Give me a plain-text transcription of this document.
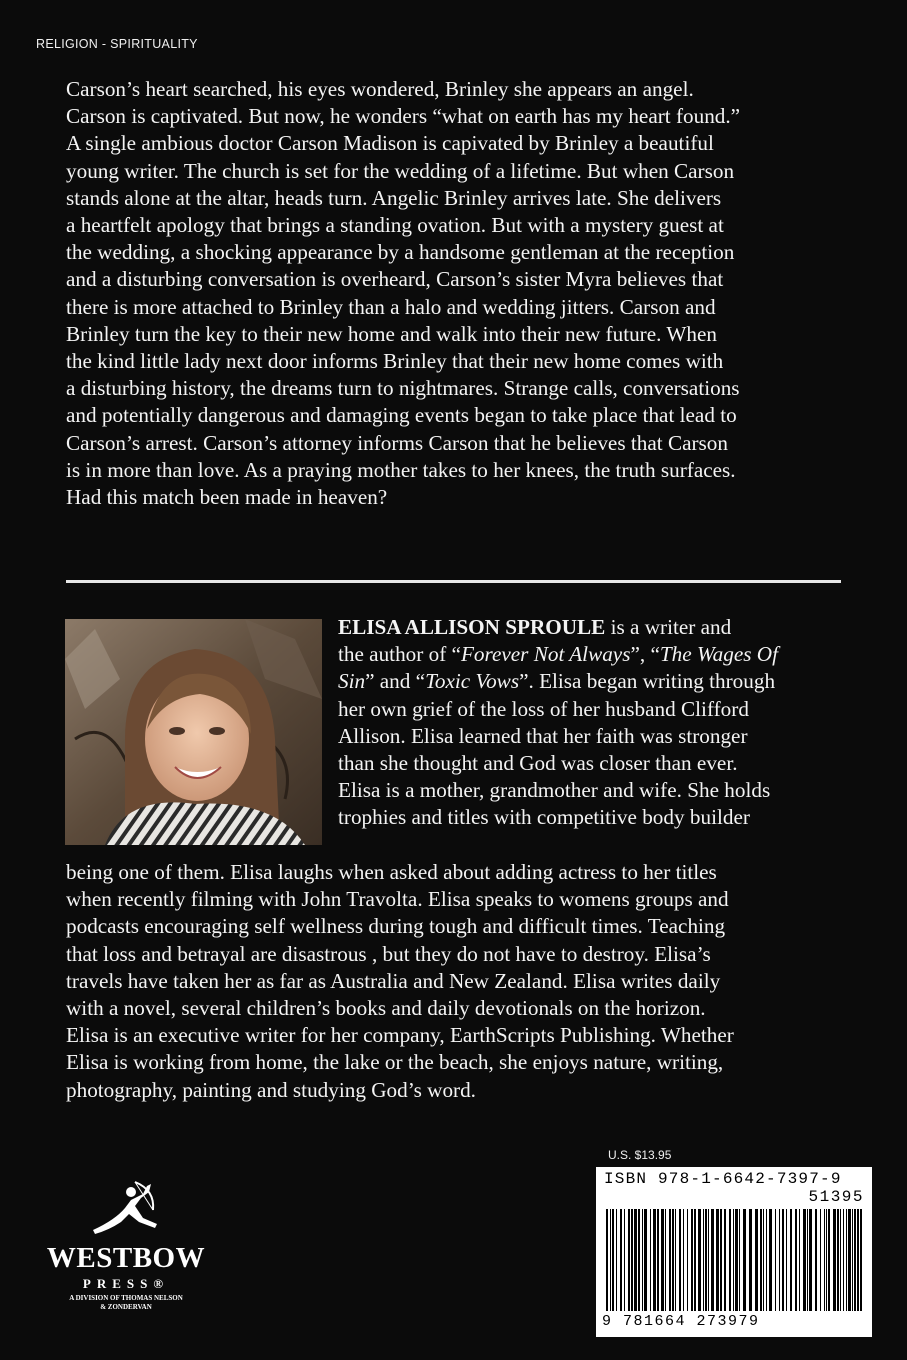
RELIGION - SPIRITUALITY
Carson’s heart searched, his eyes wondered, Brinley she appears an angel.
Carson is captivated. But now, he wonders “what on earth has my heart found.”
A single ambious doctor Carson Madison is capivated by Brinley a beautiful
young writer. The church is set for the wedding of a lifetime. But when Carson
stands alone at the altar, heads turn. Angelic Brinley arrives late. She delivers
a heartfelt apology that brings a standing ovation. But with a mystery guest at
the wedding, a shocking appearance by a handsome gentleman at the reception
and a disturbing conversation is overheard, Carson’s sister Myra believes that
there is more attached to Brinley than a halo and wedding jitters. Carson and
Brinley turn the key to their new home and walk into their new future. When
the kind little lady next door informs Brinley that their new home comes with
a disturbing history, the dreams turn to nightmares. Strange calls, conversations
and potentially dangerous and damaging events began to take place that lead to
Carson’s arrest. Carson’s attorney informs Carson that he believes that Carson
is in more than love. As a praying mother takes to her knees, the truth surfaces.
Had this match been made in heaven?
ELISA ALLISON SPROULE is a writer and
the author of “Forever Not Always”, “The Wages Of
Sin” and “Toxic Vows”. Elisa began writing through
her own grief of the loss of her husband Clifford
Allison. Elisa learned that her faith was stronger
than she thought and God was closer than ever.
Elisa is a mother, grandmother and wife. She holds
trophies and titles with competitive body builder
being one of them. Elisa laughs when asked about adding actress to her titles
when recently filming with John Travolta. Elisa speaks to womens groups and
podcasts encouraging self wellness during tough and difficult times. Teaching
that loss and betrayal are disastrous , but they do not have to destroy. Elisa’s
travels have taken her as far as Australia and New Zealand. Elisa writes daily
with a novel, several children’s books and daily devotionals on the horizon.
Elisa is an executive writer for her company, EarthScripts Publishing. Whether
Elisa is working from home, the lake or the beach, she enjoys nature, writing,
photography, painting and studying God’s word.
U.S. $13.95
ISBN 978-1-6642-7397-9
51395
9 781664 273979
WESTBOW
PRESS®
A DIVISION OF THOMAS NELSON
& ZONDERVAN
